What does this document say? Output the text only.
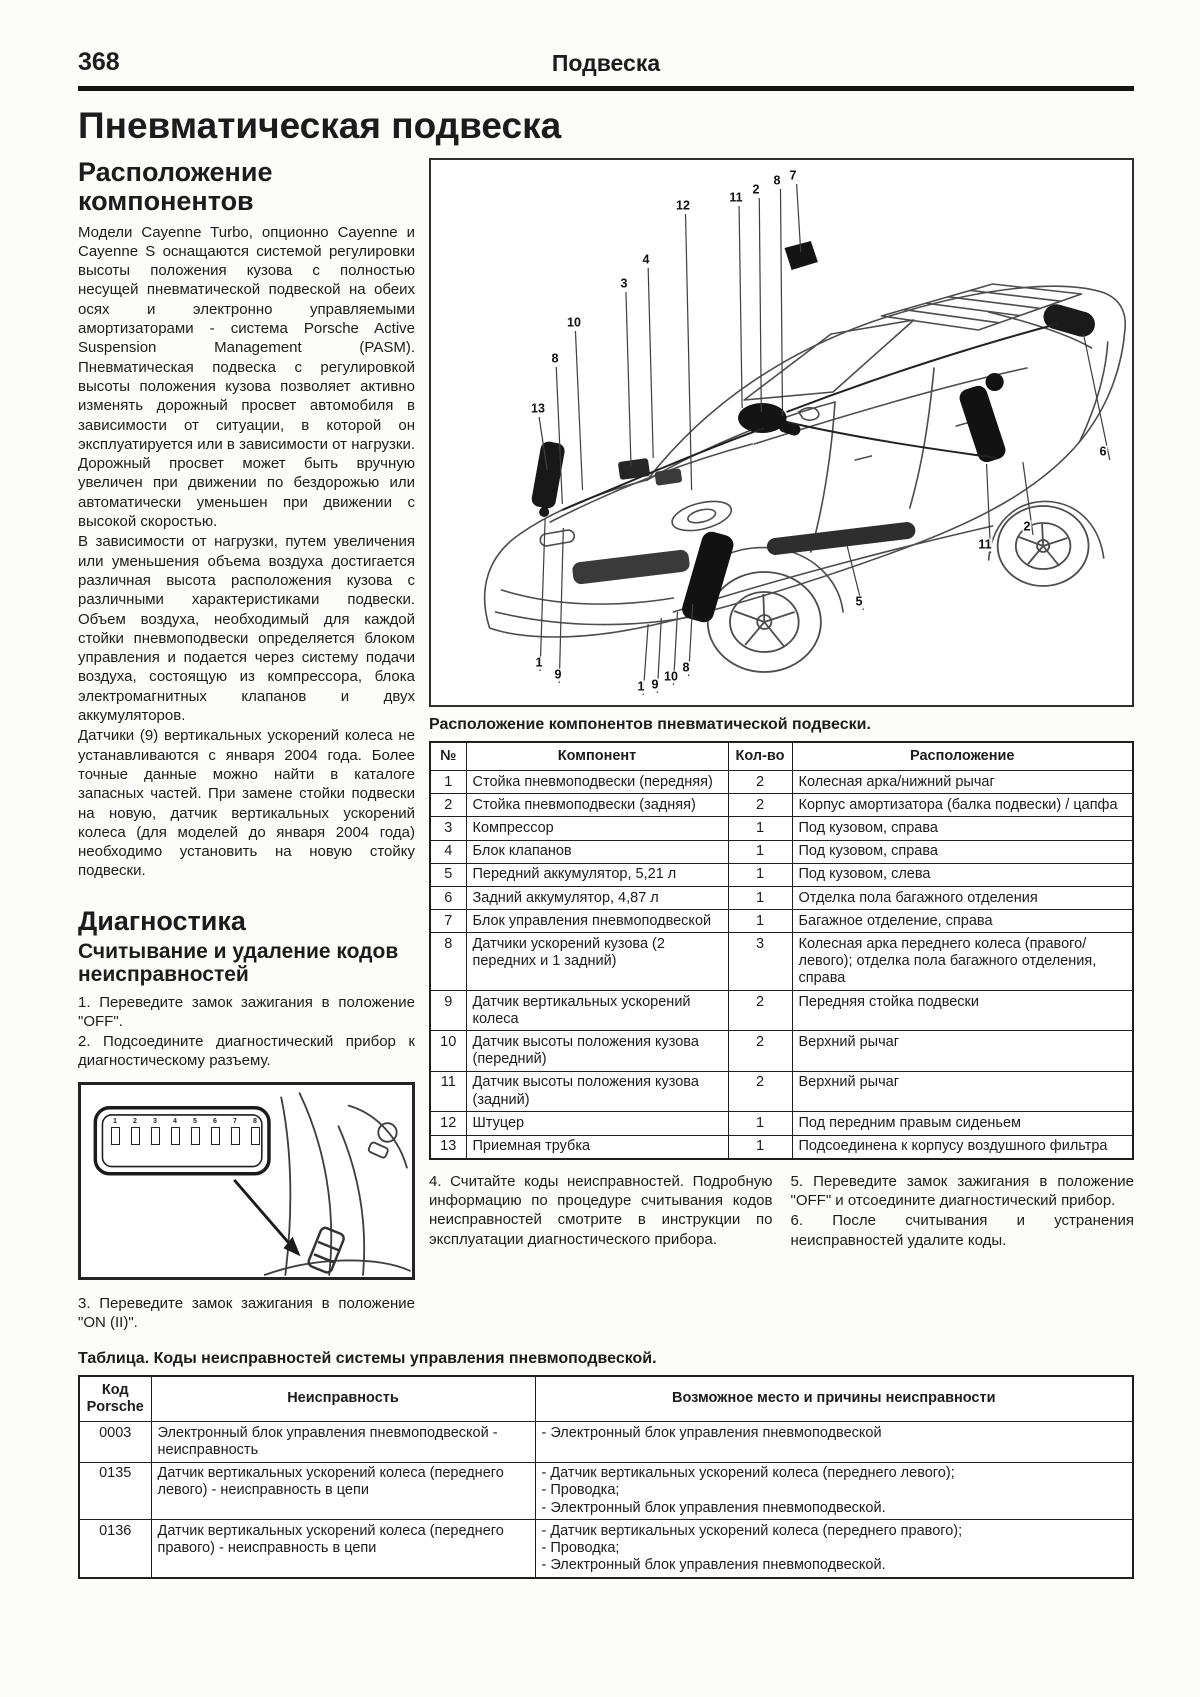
368	Подвеска
Пневматическая подвеска
Расположение компонентов

Модели Cayenne Turbo, опционно Cayenne и Cayenne S оснащаются системой регулировки высоты положения кузова с полностью несущей пневматической подвеской на обеих осях и электронно управляемыми амортизаторами - система Porsche Active Suspension Management (PASM). Пневматическая подвеска с регулировкой высоты положения кузова позволяет активно изменять дорожный просвет автомобиля в зависимости от ситуации, в которой он эксплуатируется или в зависимости от нагрузки. Дорожный просвет может быть вручную увеличен при движении по бездорожью или автоматически уменьшен при движении с высокой скоростью.

В зависимости от нагрузки, путем увеличения или уменьшения объема воздуха достигается различная высота расположения кузова с различными характеристиками подвески. Объем воздуха, необходимый для каждой стойки пневмоподвески определяется блоком управления и подается через систему подачи воздуха, состоящую из компрессора, блока электромагнитных клапанов и двух аккумуляторов.

Датчики (9) вертикальных ускорений колеса не устанавливаются с января 2004 года. Более точные данные можно найти в каталоге запасных частей. При замене стойки подвески на новую, датчик вертикальных ускорений колеса (для моделей до января 2004 года) необходимо установить на новую стойку подвески.

Диагностика
Считывание и удаление кодов неисправностей

1. Переведите замок зажигания в положение "OFF".

2. Подсоедините диагностический прибор к диагностическому разъему.

1 2 3 4 5 6 7 8

3. Переведите замок зажигания в положение "ON (II)".

12
11
2
8 7
4
3
10
8
13
6
2
11
5
1
9
1 9
10
8

Расположение компонентов пневматической подвески.

№	Компонент	Кол-во	Расположение
1	Стойка пневмоподвески (передняя)	2	Колесная арка/нижний рычаг
2	Стойка пневмоподвески (задняя)	2	Корпус амортизатора (балка подвески) / цапфа
3	Компрессор	1	Под кузовом, справа
4	Блок клапанов	1	Под кузовом, справа
5	Передний аккумулятор, 5,21 л	1	Под кузовом, слева
6	Задний аккумулятор, 4,87 л	1	Отделка пола багажного отделения
7	Блок управления пневмоподвеской	1	Багажное отделение, справа
8	Датчики ускорений кузова (2 передних и 1 задний)	3	Колесная арка переднего колеса (правого/левого); отделка пола багажного отделения, справа
9	Датчик вертикальных ускорений колеса	2	Передняя стойка подвески
10	Датчик высоты положения кузова (передний)	2	Верхний рычаг
11	Датчик высоты положения кузова (задний)	2	Верхний рычаг
12	Штуцер	1	Под передним правым сиденьем
13	Приемная трубка	1	Подсоединена к корпусу воздушного фильтра

4. Считайте коды неисправностей. Подробную информацию по процедуре считывания кодов неисправностей смотрите в инструкции по эксплуатации диагностического прибора.

5. Переведите замок зажигания в положение "OFF" и отсоедините диагностический прибор.

6. После считывания и устранения неисправностей удалите коды.

Таблица. Коды неисправностей системы управления пневмоподвеской.

Код Porsche	Неисправность	Возможное место и причины неисправности
0003	Электронный блок управления пневмоподвеской - неисправность	- Электронный блок управления пневмоподвеской

0135	Датчик вертикальных ускорений колеса (переднего левого) - неисправность в цепи	- Датчик вертикальных ускорений колеса (переднего левого);
- Проводка;
- Электронный блок управления пневмоподвеской.

0136	Датчик вертикальных ускорений колеса (переднего правого) - неисправность в цепи	- Датчик вертикальных ускорений колеса (переднего правого);
- Проводка;
- Электронный блок управления пневмоподвеской.
